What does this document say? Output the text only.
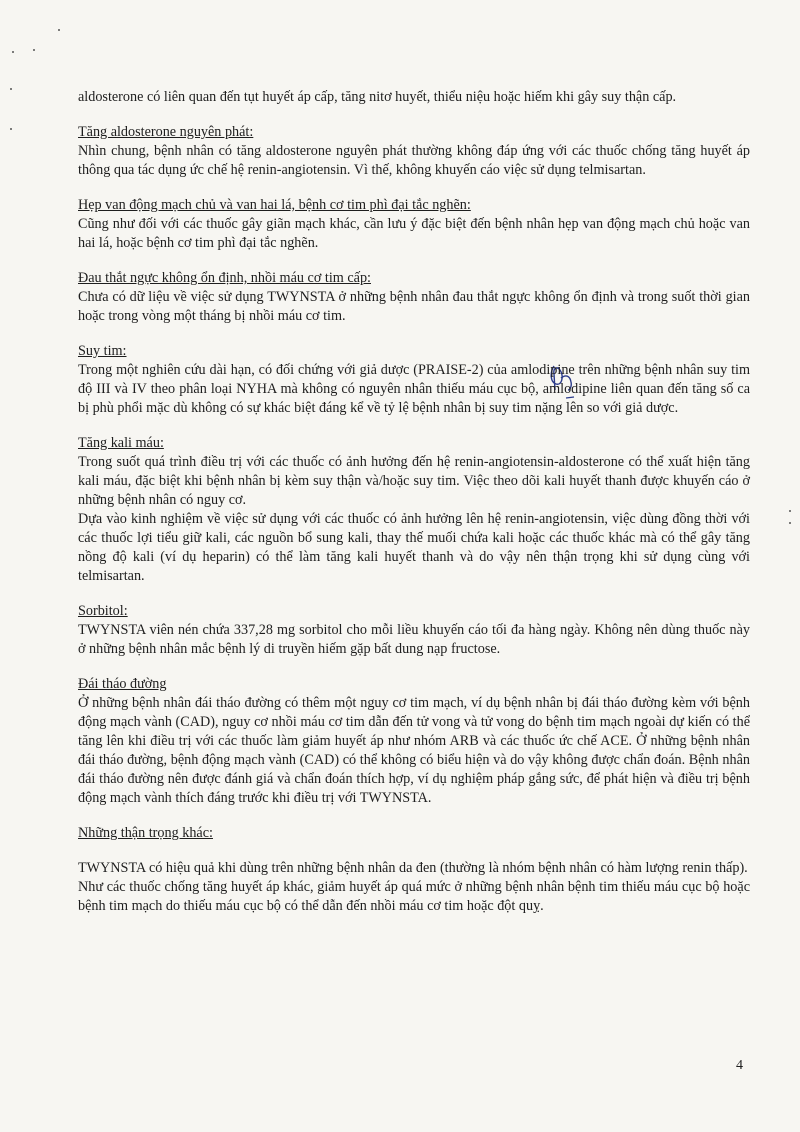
aldosterone có liên quan đến tụt huyết áp cấp, tăng nitơ huyết, thiểu niệu hoặc hiếm khi gây suy thận cấp.

Tăng aldosterone nguyên phát:

Nhìn chung, bệnh nhân có tăng aldosterone nguyên phát thường không đáp ứng với các thuốc chống tăng huyết áp thông qua tác dụng ức chế hệ renin-angiotensin. Vì thế, không khuyến cáo việc sử dụng telmisartan.

Hẹp van động mạch chủ và van hai lá, bệnh cơ tim phì đại tắc nghẽn:

Cũng như đối với các thuốc gây giãn mạch khác, cần lưu ý đặc biệt đến bệnh nhân hẹp van động mạch chủ hoặc van hai lá, hoặc bệnh cơ tim phì đại tắc nghẽn.

Đau thắt ngực không ổn định, nhồi máu cơ tim cấp:

Chưa có dữ liệu về việc sử dụng TWYNSTA ở những bệnh nhân đau thắt ngực không ổn định và trong suốt thời gian hoặc trong vòng một tháng bị nhồi máu cơ tim.

Suy tim:

Trong một nghiên cứu dài hạn, có đối chứng với giả dược (PRAISE-2) của amlodipine trên những bệnh nhân suy tim độ III và IV theo phân loại NYHA mà không có nguyên nhân thiếu máu cục bộ, amlodipine liên quan đến tăng số ca bị phù phổi mặc dù không có sự khác biệt đáng kể về tỷ lệ bệnh nhân bị suy tim nặng lên so với giả dược.

Tăng kali máu:

Trong suốt quá trình điều trị với các thuốc có ảnh hưởng đến hệ renin-angiotensin-aldosterone có thể xuất hiện tăng kali máu, đặc biệt khi bệnh nhân bị kèm suy thận và/hoặc suy tim. Việc theo dõi kali huyết thanh được khuyến cáo ở những bệnh nhân có nguy cơ.

Dựa vào kinh nghiệm về việc sử dụng với các thuốc có ảnh hưởng lên hệ renin-angiotensin, việc dùng đồng thời với các thuốc lợi tiểu giữ kali, các nguồn bổ sung kali, thay thế muối chứa kali hoặc các thuốc khác mà có thể gây tăng nồng độ kali (ví dụ heparin) có thể làm tăng kali huyết thanh và do vậy nên thận trọng khi sử dụng cùng với telmisartan.

Sorbitol:

TWYNSTA viên nén chứa 337,28 mg sorbitol cho mỗi liều khuyến cáo tối đa hàng ngày. Không nên dùng thuốc này ở những bệnh nhân mắc bệnh lý di truyền hiếm gặp bất dung nạp fructose.

Đái tháo đường

Ở những bệnh nhân đái tháo đường có thêm một nguy cơ tim mạch, ví dụ bệnh nhân bị đái tháo đường kèm với bệnh động mạch vành (CAD), nguy cơ nhồi máu cơ tim dẫn đến tử vong và tử vong do bệnh tim mạch ngoài dự kiến có thể tăng lên khi điều trị với các thuốc làm giảm huyết áp như nhóm ARB và các thuốc ức chế ACE. Ở những bệnh nhân đái tháo đường, bệnh động mạch vành (CAD) có thể không có biểu hiện và do vậy không được chẩn đoán. Bệnh nhân đái tháo đường nên được đánh giá và chẩn đoán thích hợp, ví dụ nghiệm pháp gắng sức, để phát hiện và điều trị bệnh động mạch vành thích đáng trước khi điều trị với TWYNSTA.

Những thận trọng khác:

TWYNSTA có hiệu quả khi dùng trên những bệnh nhân da đen (thường là nhóm bệnh nhân có hàm lượng renin thấp).

Như các thuốc chống tăng huyết áp khác, giảm huyết áp quá mức ở những bệnh nhân bệnh tim thiếu máu cục bộ hoặc bệnh tim mạch do thiếu máu cục bộ có thể dẫn đến nhồi máu cơ tim hoặc đột quỵ.

4
